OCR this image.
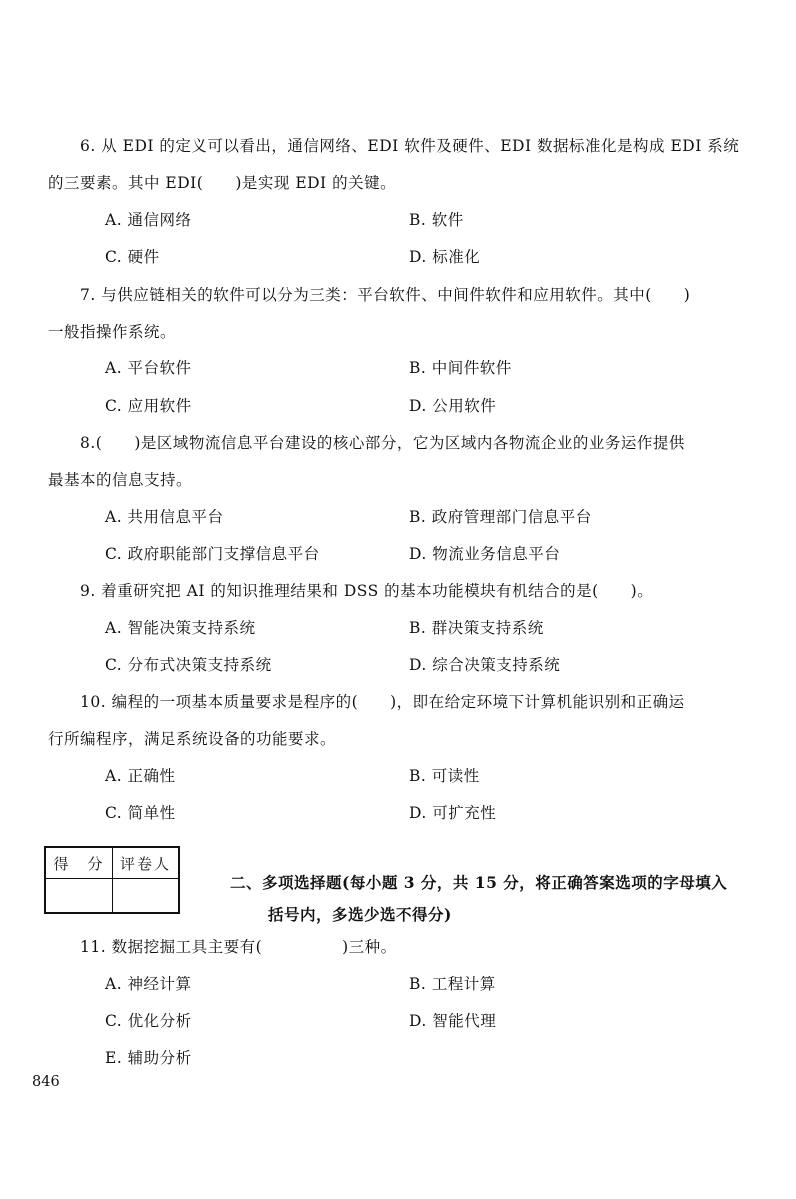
6. 从 EDI 的定义可以看出，通信网络、EDI 软件及硬件、EDI 数据标准化是构成 EDI 系统
的三要素。其中 EDI(　　)是实现 EDI 的关键。
A. 通信网络	B. 软件
C. 硬件	D. 标准化
7. 与供应链相关的软件可以分为三类：平台软件、中间件软件和应用软件。其中(　　)
一般指操作系统。
A. 平台软件	B. 中间件软件
C. 应用软件	D. 公用软件
8.(　　)是区域物流信息平台建设的核心部分，它为区域内各物流企业的业务运作提供
最基本的信息支持。
A. 共用信息平台	B. 政府管理部门信息平台
C. 政府职能部门支撑信息平台	D. 物流业务信息平台
9. 着重研究把 AI 的知识推理结果和 DSS 的基本功能模块有机结合的是(　　)。
A. 智能决策支持系统	B. 群决策支持系统
C. 分布式决策支持系统	D. 综合决策支持系统
10. 编程的一项基本质量要求是程序的(　　)，即在给定环境下计算机能识别和正确运
行所编程序，满足系统设备的功能要求。
A. 正确性	B. 可读性
C. 简单性	D. 可扩充性
得　分	评卷人
二、多项选择题(每小题 3 分，共 15 分，将正确答案选项的字母填入
括号内，多选少选不得分)
11. 数据挖掘工具主要有(　　　　　)三种。
A. 神经计算	B. 工程计算
C. 优化分析	D. 智能代理
E. 辅助分析
846
